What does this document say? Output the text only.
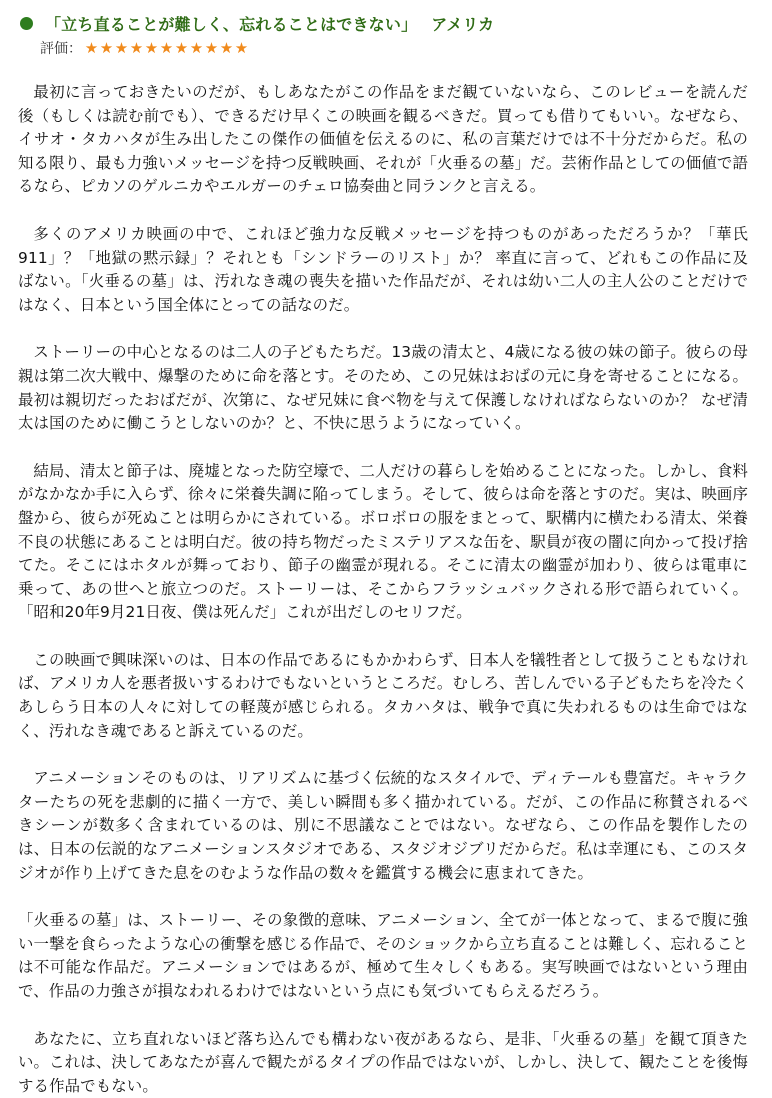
「立ち直ることが難しく、忘れることはできない」 アメリカ
評価： ★ ★ ★ ★ ★ ★ ★ ★ ★ ★ ★

最初に言っておきたいのだが、もしあなたがこの作品をまだ観ていないなら、このレビューを読んだ後（もしくは読む前でも）、できるだけ早くこの映画を観るべきだ。買っても借りてもいい。なぜなら、イサオ・タカハタが生み出したこの傑作の価値を伝えるのに、私の言葉だけでは不十分だからだ。私の知る限り、最も力強いメッセージを持つ反戦映画、それが「火垂るの墓」だ。芸術作品としての価値で語るなら、ピカソのゲルニカやエルガーのチェロ協奏曲と同ランクと言える。

多くのアメリカ映画の中で、これほど強力な反戦メッセージを持つものがあっただろうか？「華氏911」？「地獄の黙示録」？それとも「シンドラーのリスト」か？ 率直に言って、どれもこの作品に及ばない。「火垂るの墓」は、汚れなき魂の喪失を描いた作品だが、それは幼い二人の主人公のことだけではなく、日本という国全体にとっての話なのだ。

ストーリーの中心となるのは二人の子どもたちだ。13歳の清太と、4歳になる彼の妹の節子。彼らの母親は第二次大戦中、爆撃のために命を落とす。そのため、この兄妹はおばの元に身を寄せることになる。最初は親切だったおばだが、次第に、なぜ兄妹に食べ物を与えて保護しなければならないのか？ なぜ清太は国のために働こうとしないのか？と、不快に思うようになっていく。

結局、清太と節子は、廃墟となった防空壕で、二人だけの暮らしを始めることになった。しかし、食料がなかなか手に入らず、徐々に栄養失調に陥ってしまう。そして、彼らは命を落とすのだ。実は、映画序盤から、彼らが死ぬことは明らかにされている。ボロボロの服をまとって、駅構内に横たわる清太、栄養不良の状態にあることは明白だ。彼の持ち物だったミステリアスな缶を、駅員が夜の闇に向かって投げ捨てた。そこにはホタルが舞っており、節子の幽霊が現れる。そこに清太の幽霊が加わり、彼らは電車に乗って、あの世へと旅立つのだ。ストーリーは、そこからフラッシュバックされる形で語られていく。「昭和20年9月21日夜、僕は死んだ」これが出だしのセリフだ。

この映画で興味深いのは、日本の作品であるにもかかわらず、日本人を犠牲者として扱うこともなければ、アメリカ人を悪者扱いするわけでもないというところだ。むしろ、苦しんでいる子どもたちを冷たくあしらう日本の人々に対しての軽蔑が感じられる。タカハタは、戦争で真に失われるものは生命ではなく、汚れなき魂であると訴えているのだ。

アニメーションそのものは、リアリズムに基づく伝統的なスタイルで、ディテールも豊富だ。キャラクターたちの死を悲劇的に描く一方で、美しい瞬間も多く描かれている。だが、この作品に称賛されるべきシーンが数多く含まれているのは、別に不思議なことではない。なぜなら、この作品を製作したのは、日本の伝説的なアニメーションスタジオである、スタジオジブリだからだ。私は幸運にも、このスタジオが作り上げてきた息をのむような作品の数々を鑑賞する機会に恵まれてきた。

「火垂るの墓」は、ストーリー、その象徴的意味、アニメーション、全てが一体となって、まるで腹に強い一撃を食らったような心の衝撃を感じる作品で、そのショックから立ち直ることは難しく、忘れることは不可能な作品だ。アニメーションではあるが、極めて生々しくもある。実写映画ではないという理由で、作品の力強さが損なわれるわけではないという点にも気づいてもらえるだろう。

あなたに、立ち直れないほど落ち込んでも構わない夜があるなら、是非、「火垂るの墓」を観て頂きたい。これは、決してあなたが喜んで観たがるタイプの作品ではないが、しかし、決して、観たことを後悔する作品でもない。
